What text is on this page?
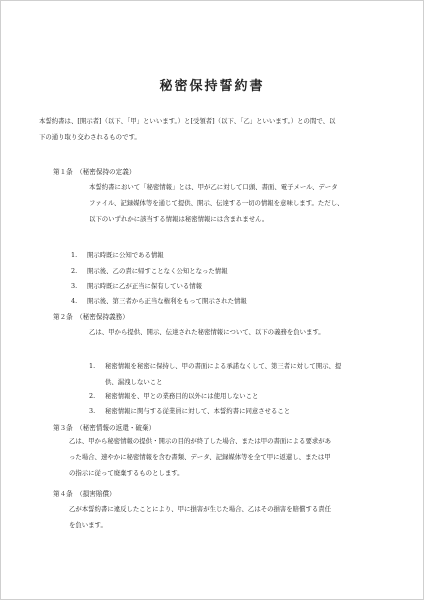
秘密保持誓約書
本誓約書は、[開示者]（以下、「甲」といいます。）と[受領者]（以下、「乙」といいます。）との間で、以
下の通り取り交わされるものです。
第１条　（秘密保持の定義）
本誓約書において「秘密情報」とは、甲が乙に対して口頭、書面、電子メール、データ
ファイル、記録媒体等を通じて提供、開示、伝達する一切の情報を意味します。ただし、
以下のいずれかに該当する情報は秘密情報には含まれません。
1. 開示時既に公知である情報
2. 開示後、乙の責に帰すことなく公知となった情報
3. 開示時既に乙が正当に保有している情報
4. 開示後、第三者から正当な権利をもって開示された情報
第２条　（秘密保持義務）
乙は、甲から提供、開示、伝達された秘密情報について、以下の義務を負います。
1. 秘密情報を秘密に保持し、甲の書面による承諾なくして、第三者に対して開示、提
供、漏洩しないこと
2. 秘密情報を、甲との業務目的以外には使用しないこと
3. 秘密情報に関与する従業員に対して、本誓約書に同意させること
第３条　（秘密情報の返還・破棄）
乙は、甲から秘密情報の提供・開示の目的が終了した場合、または甲の書面による要求があ
った場合、速やかに秘密情報を含む書類、データ、記録媒体等を全て甲に返還し、または甲
の指示に従って廃棄するものとします。
第４条　（損害賠償）
乙が本誓約書に違反したことにより、甲に損害が生じた場合、乙はその損害を賠償する責任
を負います。
